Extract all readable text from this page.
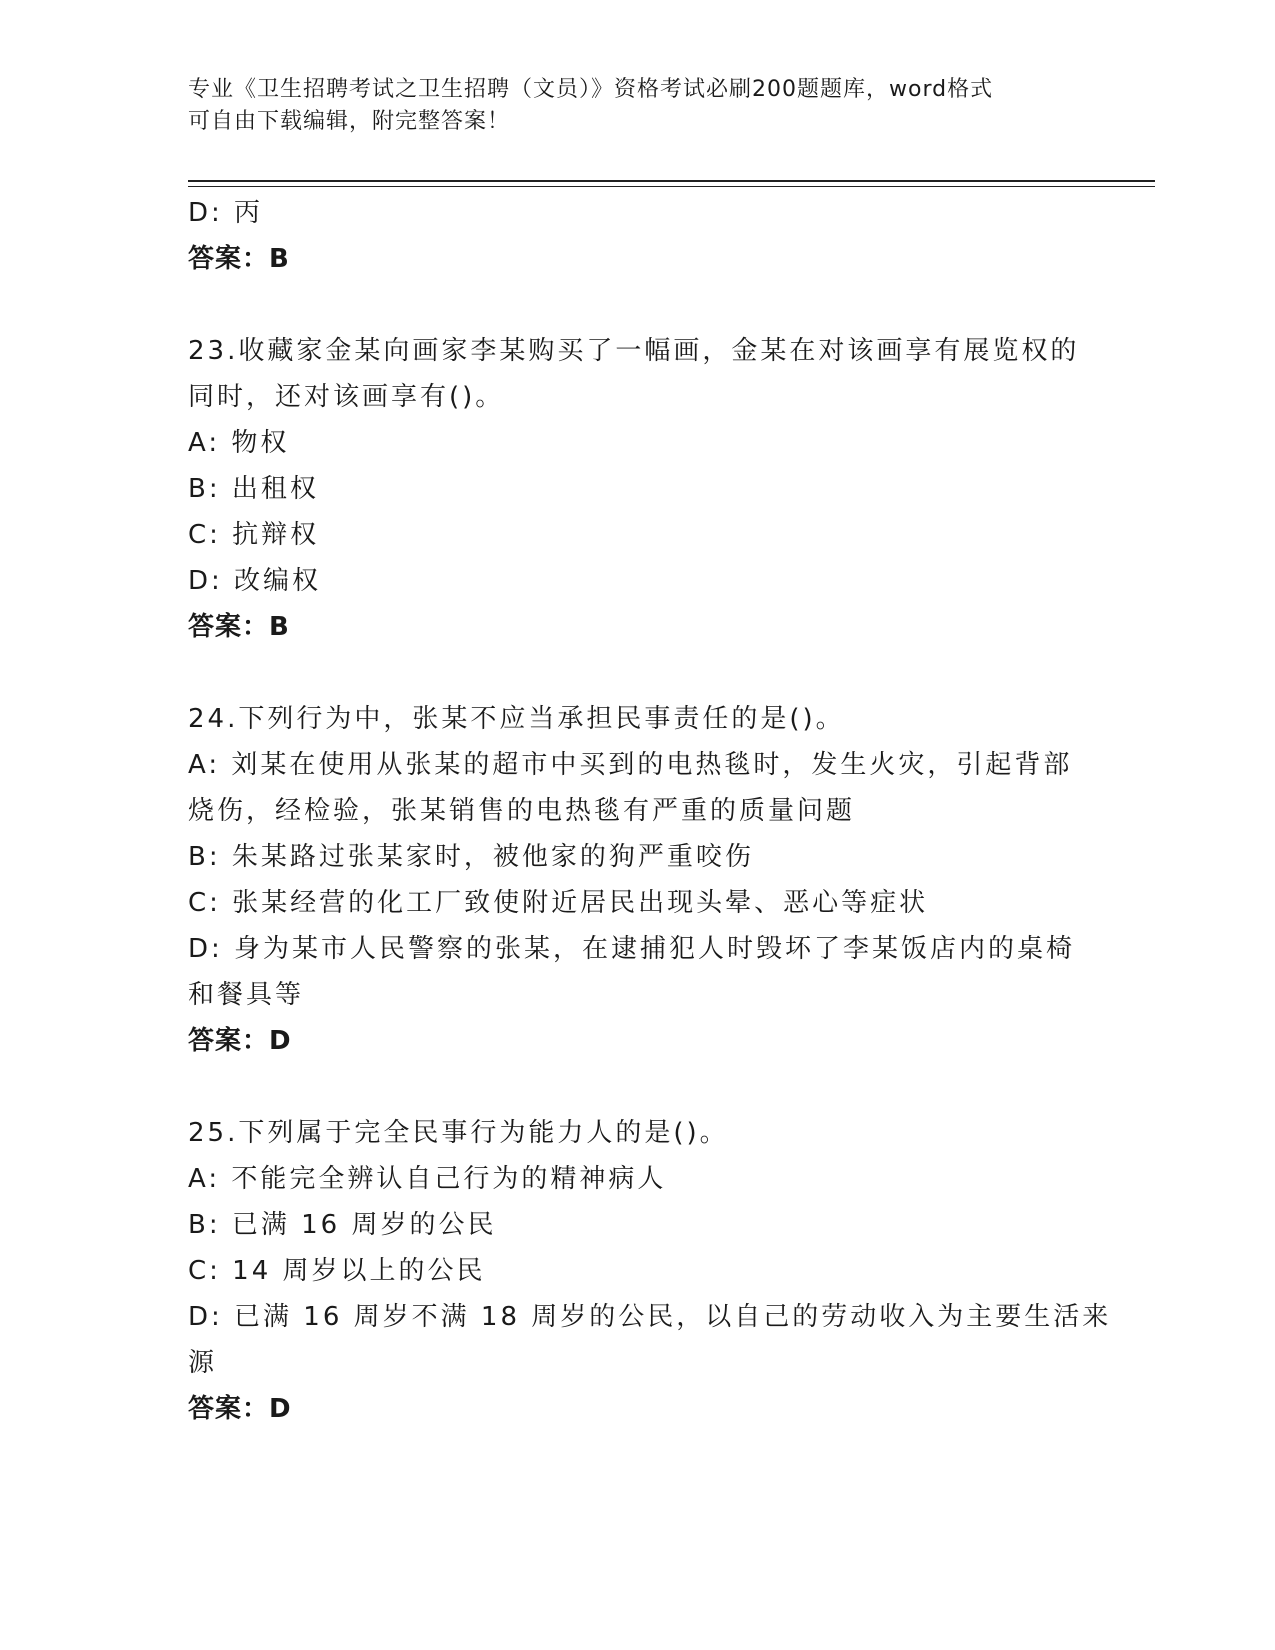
专业《卫生招聘考试之卫生招聘（文员）》资格考试必刷200题题库，word格式
可自由下载编辑，附完整答案！
D: 丙
答案：B
23.收藏家金某向画家李某购买了一幅画，金某在对该画享有展览权的
同时，还对该画享有()。
A: 物权
B: 出租权
C: 抗辩权
D: 改编权
答案：B
24.下列行为中，张某不应当承担民事责任的是()。
A: 刘某在使用从张某的超市中买到的电热毯时，发生火灾，引起背部
烧伤，经检验，张某销售的电热毯有严重的质量问题
B: 朱某路过张某家时，被他家的狗严重咬伤
C: 张某经营的化工厂致使附近居民出现头晕、恶心等症状
D: 身为某市人民警察的张某，在逮捕犯人时毁坏了李某饭店内的桌椅
和餐具等
答案：D
25.下列属于完全民事行为能力人的是()。
A: 不能完全辨认自己行为的精神病人
B: 已满 16 周岁的公民
C: 14 周岁以上的公民
D: 已满 16 周岁不满 18 周岁的公民，以自己的劳动收入为主要生活来
源
答案：D
